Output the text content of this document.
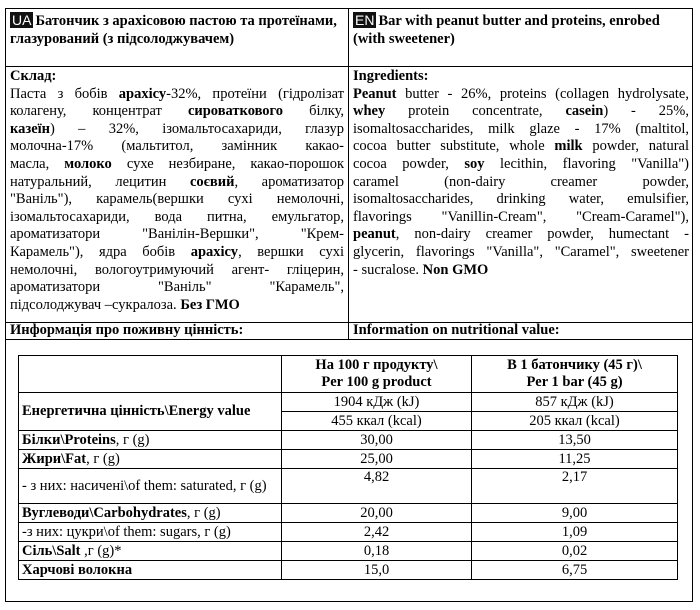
UA Батончик з арахісовою пастою та протеїнами, глазурований (з підсолоджувачем)
EN Bar with peanut butter and proteins, enrobed (with sweetener)
Склад:
Паста з бобів арахісу-32%, протеїни (гідролізат
колагену, концентрат сироваткового білку,
казеїн) – 32%, ізомальтосахариди, глазур
молочна-17% (мальтитол, замінник какао-
масла, молоко сухе незбиране, какао-порошок
натуральний, лецитин соєвий, ароматизатор
"Ваніль"), карамель(вершки сухі немолочні,
ізомальтосахариди, вода питна, емульгатор,
ароматизатори "Ванілін-Вершки", "Крем-
Карамель"), ядра бобів арахісу, вершки сухі
немолочні, вологоутримуючий агент- гліцерин,
ароматизатори "Ваніль" "Карамель",
підсолоджувач –сукралоза. Без ГМО
Ingredients:
Peanut butter - 26%, proteins (collagen hydrolysate,
whey protein concentrate, casein) - 25%,
isomaltosaccharides, milk glaze - 17% (maltitol,
cocoa butter substitute, whole milk powder, natural
cocoa powder, soy lecithin, flavoring "Vanilla")
caramel (non-dairy creamer powder,
isomaltosaccharides, drinking water, emulsifier,
flavorings "Vanillin-Cream", "Cream-Caramel"),
peanut, non-dairy creamer powder, humectant -
glycerin, flavorings "Vanilla", "Caramel", sweetener
- sucralose. Non GMO
Информація про поживну цінність:	Information on nutritional value:
	На 100 г продукту\
Per 100 g product	В 1 батончику (45 г)\
Per 1 bar (45 g)
Енергетична цінність\Energy value	1904 кДж (kJ)	857 кДж (kJ)
	455 ккал (kcal)	205 ккал (kcal)
Білки\Proteins, г (g)	30,00	13,50
Жири\Fat, г (g)	25,00	11,25
- з них: насичені\of them: saturated, г (g)	4,82	2,17
Вуглеводи\Carbohydrates, г (g)	20,00	9,00
-з них: цукри\of them: sugars, г (g)	2,42	1,09
Сіль\Salt ,г (g)*	0,18	0,02
Харчові волокна	15,0	6,75
